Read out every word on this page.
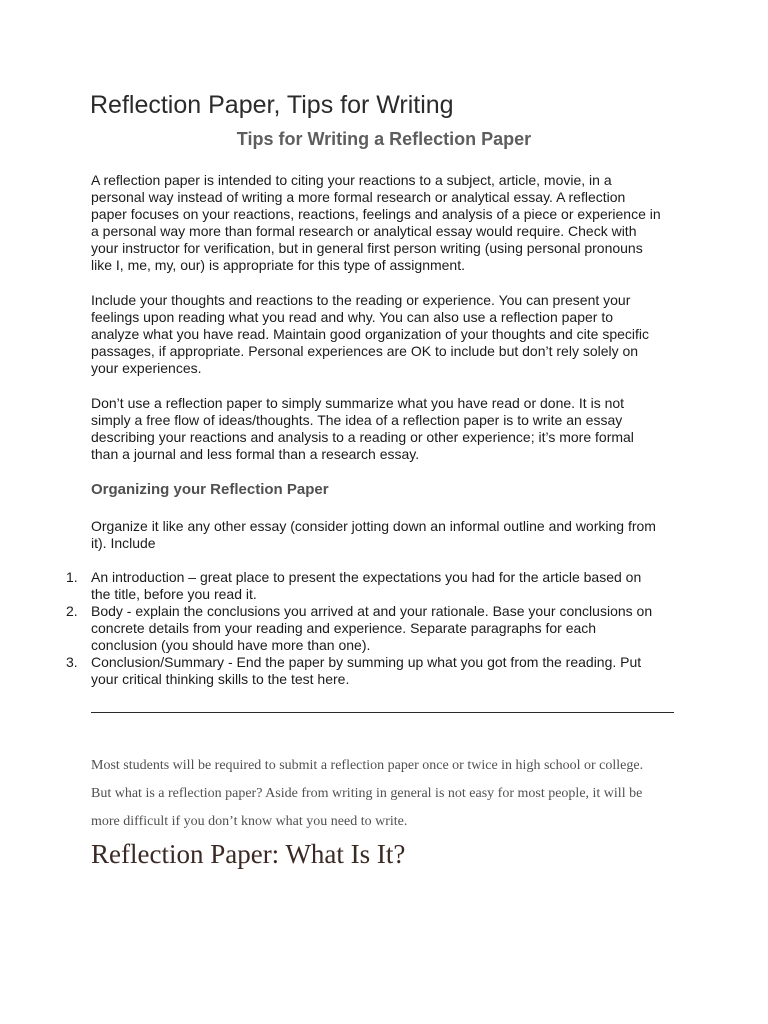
Reflection Paper, Tips for Writing
Tips for Writing a Reflection Paper

A reflection paper is intended to citing your reactions to a subject, article, movie, in a
personal way instead of writing a more formal research or analytical essay. A reflection
paper focuses on your reactions, reactions, feelings and analysis of a piece or experience in
a personal way more than formal research or analytical essay would require. Check with
your instructor for verification, but in general first person writing (using personal pronouns
like I, me, my, our) is appropriate for this type of assignment.

Include your thoughts and reactions to the reading or experience. You can present your
feelings upon reading what you read and why. You can also use a reflection paper to
analyze what you have read. Maintain good organization of your thoughts and cite specific
passages, if appropriate. Personal experiences are OK to include but don’t rely solely on
your experiences.

Don’t use a reflection paper to simply summarize what you have read or done. It is not
simply a free flow of ideas/thoughts. The idea of a reflection paper is to write an essay
describing your reactions and analysis to a reading or other experience; it’s more formal
than a journal and less formal than a research essay.

Organizing your Reflection Paper

Organize it like any other essay (consider jotting down an informal outline and working from
it). Include

1. An introduction – great place to present the expectations you had for the article based on
the title, before you read it.
2. Body - explain the conclusions you arrived at and your rationale. Base your conclusions on
concrete details from your reading and experience. Separate paragraphs for each
conclusion (you should have more than one).
3. Conclusion/Summary - End the paper by summing up what you got from the reading. Put
your critical thinking skills to the test here.

Most students will be required to submit a reflection paper once or twice in high school or college.
But what is a reflection paper? Aside from writing in general is not easy for most people, it will be
more difficult if you don’t know what you need to write.

Reflection Paper: What Is It?
